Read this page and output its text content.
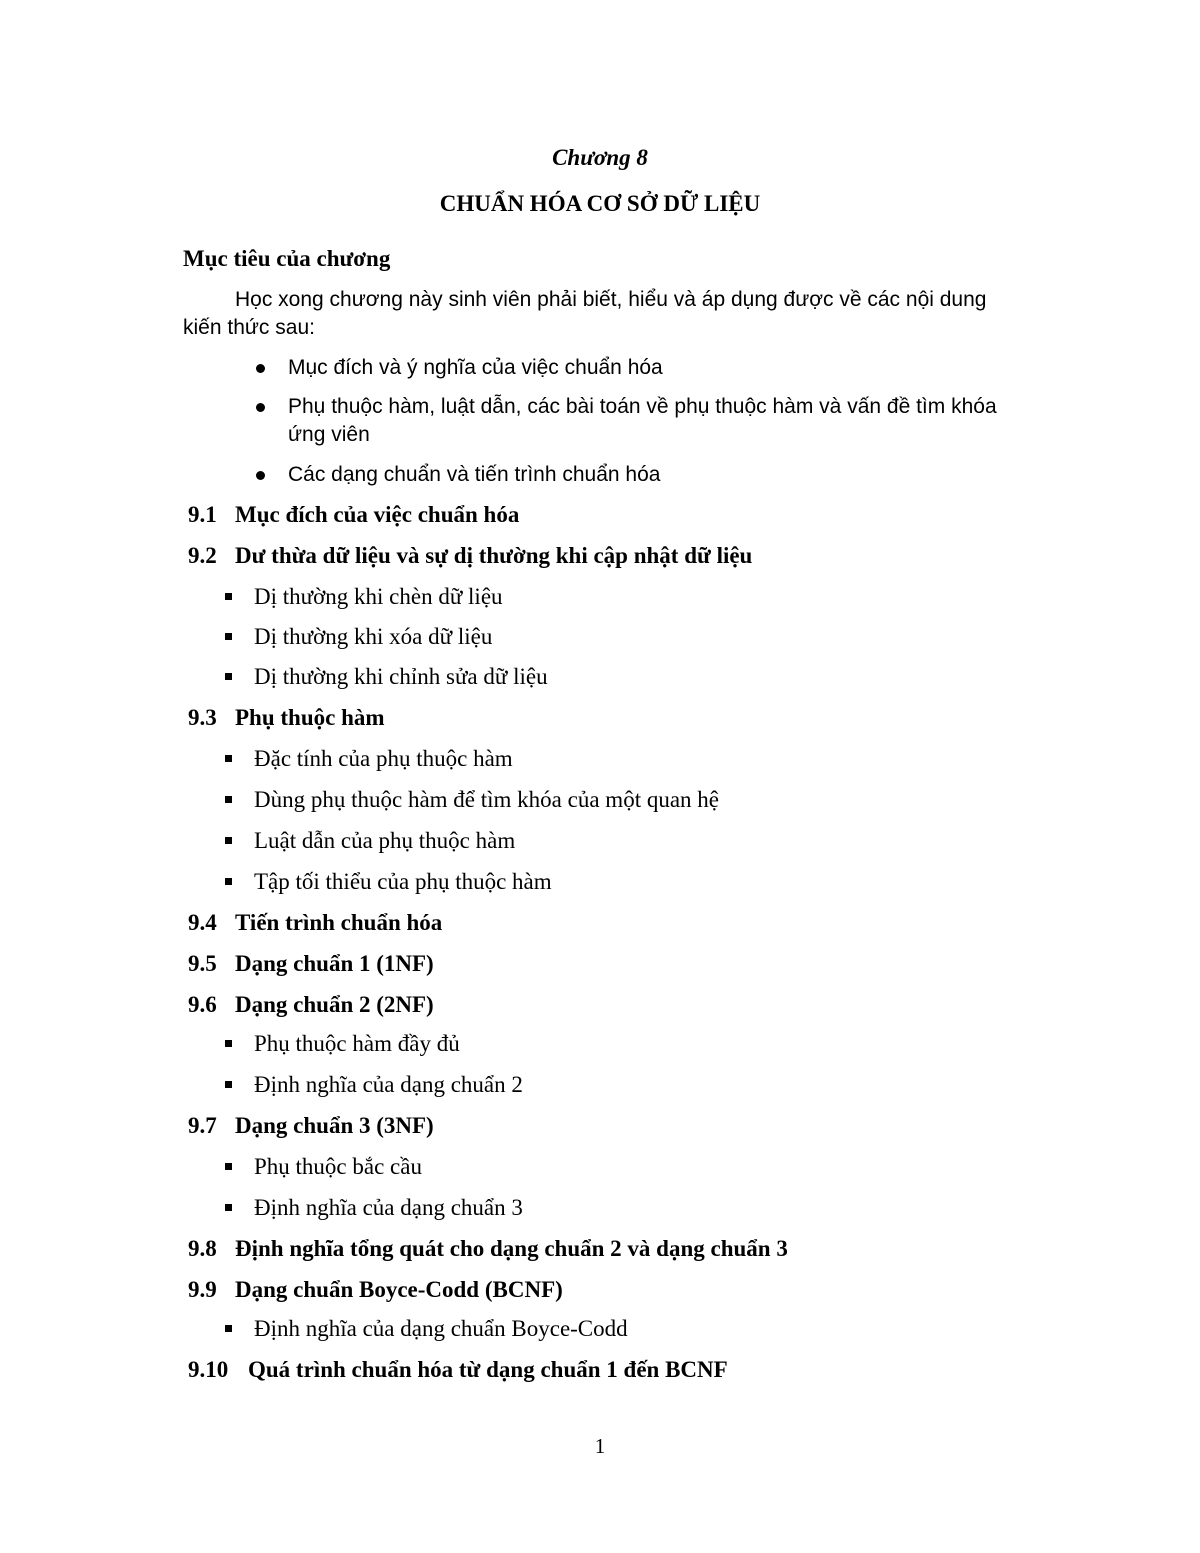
Chương 8
CHUẨN HÓA CƠ SỞ DỮ LIỆU
Mục tiêu của chương

Học xong chương này sinh viên phải biết, hiểu và áp dụng được về các nội dung kiến thức sau:

Mục đích và ý nghĩa của việc chuẩn hóa
Phụ thuộc hàm, luật dẫn, các bài toán về phụ thuộc hàm và vấn đề tìm khóa ứng viên
Các dạng chuẩn và tiến trình chuẩn hóa
9.1 Mục đích của việc chuẩn hóa
9.2 Dư thừa dữ liệu và sự dị thường khi cập nhật dữ liệu
Dị thường khi chèn dữ liệu
Dị thường khi xóa dữ liệu
Dị thường khi chỉnh sửa dữ liệu
9.3 Phụ thuộc hàm
Đặc tính của phụ thuộc hàm
Dùng phụ thuộc hàm để tìm khóa của một quan hệ
Luật dẫn của phụ thuộc hàm
Tập tối thiểu của phụ thuộc hàm
9.4 Tiến trình chuẩn hóa
9.5 Dạng chuẩn 1 (1NF)
9.6 Dạng chuẩn 2 (2NF)
Phụ thuộc hàm đầy đủ
Định nghĩa của dạng chuẩn 2
9.7 Dạng chuẩn 3 (3NF)
Phụ thuộc bắc cầu
Định nghĩa của dạng chuẩn 3
9.8 Định nghĩa tổng quát cho dạng chuẩn 2 và dạng chuẩn 3
9.9 Dạng chuẩn Boyce-Codd (BCNF)
Định nghĩa của dạng chuẩn Boyce-Codd
9.10 Quá trình chuẩn hóa từ dạng chuẩn 1 đến BCNF
1
